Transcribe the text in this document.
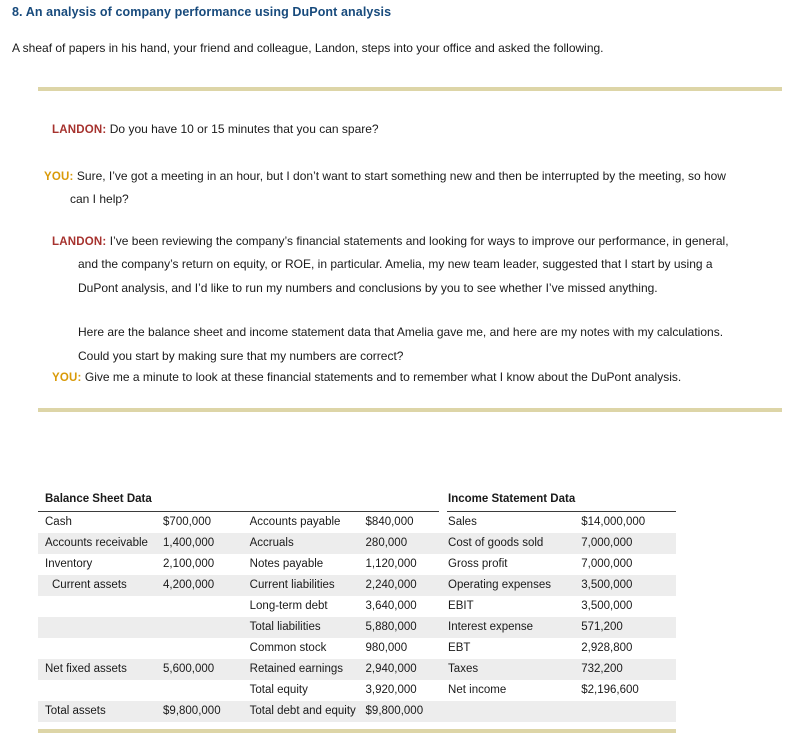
8. An analysis of company performance using DuPont analysis
A sheaf of papers in his hand, your friend and colleague, Landon, steps into your office and asked the following.
LANDON: Do you have 10 or 15 minutes that you can spare?
YOU: Sure, I’ve got a meeting in an hour, but I don’t want to start something new and then be interrupted by the meeting, so how
can I help?
LANDON: I’ve been reviewing the company’s financial statements and looking for ways to improve our performance, in general,
and the company’s return on equity, or ROE, in particular. Amelia, my new team leader, suggested that I start by using a
DuPont analysis, and I’d like to run my numbers and conclusions by you to see whether I’ve missed anything.

Here are the balance sheet and income statement data that Amelia gave me, and here are my notes with my calculations.
Could you start by making sure that my numbers are correct?
YOU: Give me a minute to look at these financial statements and to remember what I know about the DuPont analysis.
Balance Sheet Data					Income Statement Data	
Cash	$700,000	Accounts payable	$840,000		Sales	$14,000,000
Accounts receivable	1,400,000	Accruals	280,000		Cost of goods sold	7,000,000
Inventory	2,100,000	Notes payable	1,120,000		Gross profit	7,000,000
Current assets	4,200,000	Current liabilities	2,240,000		Operating expenses	3,500,000
		Long-term debt	3,640,000		EBIT	3,500,000
		Total liabilities	5,880,000		Interest expense	571,200
		Common stock	980,000		EBT	2,928,800
Net fixed assets	5,600,000	Retained earnings	2,940,000		Taxes	732,200
		Total equity	3,920,000		Net income	$2,196,600
Total assets	$9,800,000	Total debt and equity	$9,800,000			
